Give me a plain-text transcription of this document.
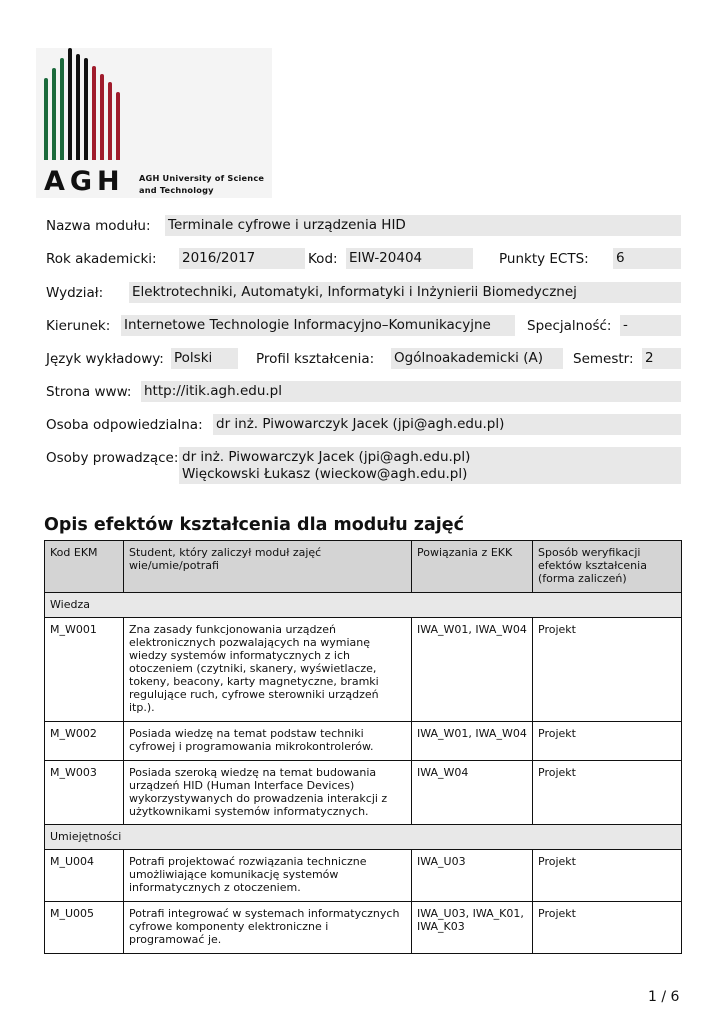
AGH AGH University of Science
and Technology
Nazwa modułu: Terminale cyfrowe i urządzenia HID
Rok akademicki: 2016/2017	Kod: EIW-20404	Punkty ECTS: 6
Wydział: Elektrotechniki, Automatyki, Informatyki i Inżynierii Biomedycznej
Kierunek: Internetowe Technologie Informacyjno–Komunikacyjne	Specjalność: -
Język wykładowy: Polski	Profil kształcenia: Ogólnoakademicki (A)	Semestr: 2
Strona www: http://itik.agh.edu.pl
Osoba odpowiedzialna: dr inż. Piwowarczyk Jacek (jpi@agh.edu.pl)
Osoby prowadzące: dr inż. Piwowarczyk Jacek (jpi@agh.edu.pl)
Więckowski Łukasz (wieckow@agh.edu.pl)
Opis efektów kształcenia dla modułu zajęć
Kod EKM	Student, który zaliczył moduł zajęć wie/umie/potrafi	Powiązania z EKK	Sposób weryfikacji efektów kształcenia (forma zaliczeń)
Wiedza			
M_W001	Zna zasady funkcjonowania urządzeń elektronicznych pozwalających na wymianę wiedzy systemów informatycznych z ich otoczeniem (czytniki, skanery, wyświetlacze, tokeny, beacony, karty magnetyczne, bramki regulujące ruch, cyfrowe sterowniki urządzeń itp.).	IWA_W01, IWA_W04	Projekt
M_W002	Posiada wiedzę na temat podstaw techniki cyfrowej i programowania mikrokontrolerów.	IWA_W01, IWA_W04	Projekt
M_W003	Posiada szeroką wiedzę na temat budowania urządzeń HID (Human Interface Devices) wykorzystywanych do prowadzenia interakcji z użytkownikami systemów informatycznych.	IWA_W04	Projekt
Umiejętności			
M_U004	Potrafi projektować rozwiązania techniczne umożliwiające komunikację systemów informatycznych z otoczeniem.	IWA_U03	Projekt
M_U005	Potrafi integrować w systemach informatycznych cyfrowe komponenty elektroniczne i programować je.	IWA_U03, IWA_K01, IWA_K03	Projekt
1 / 6
